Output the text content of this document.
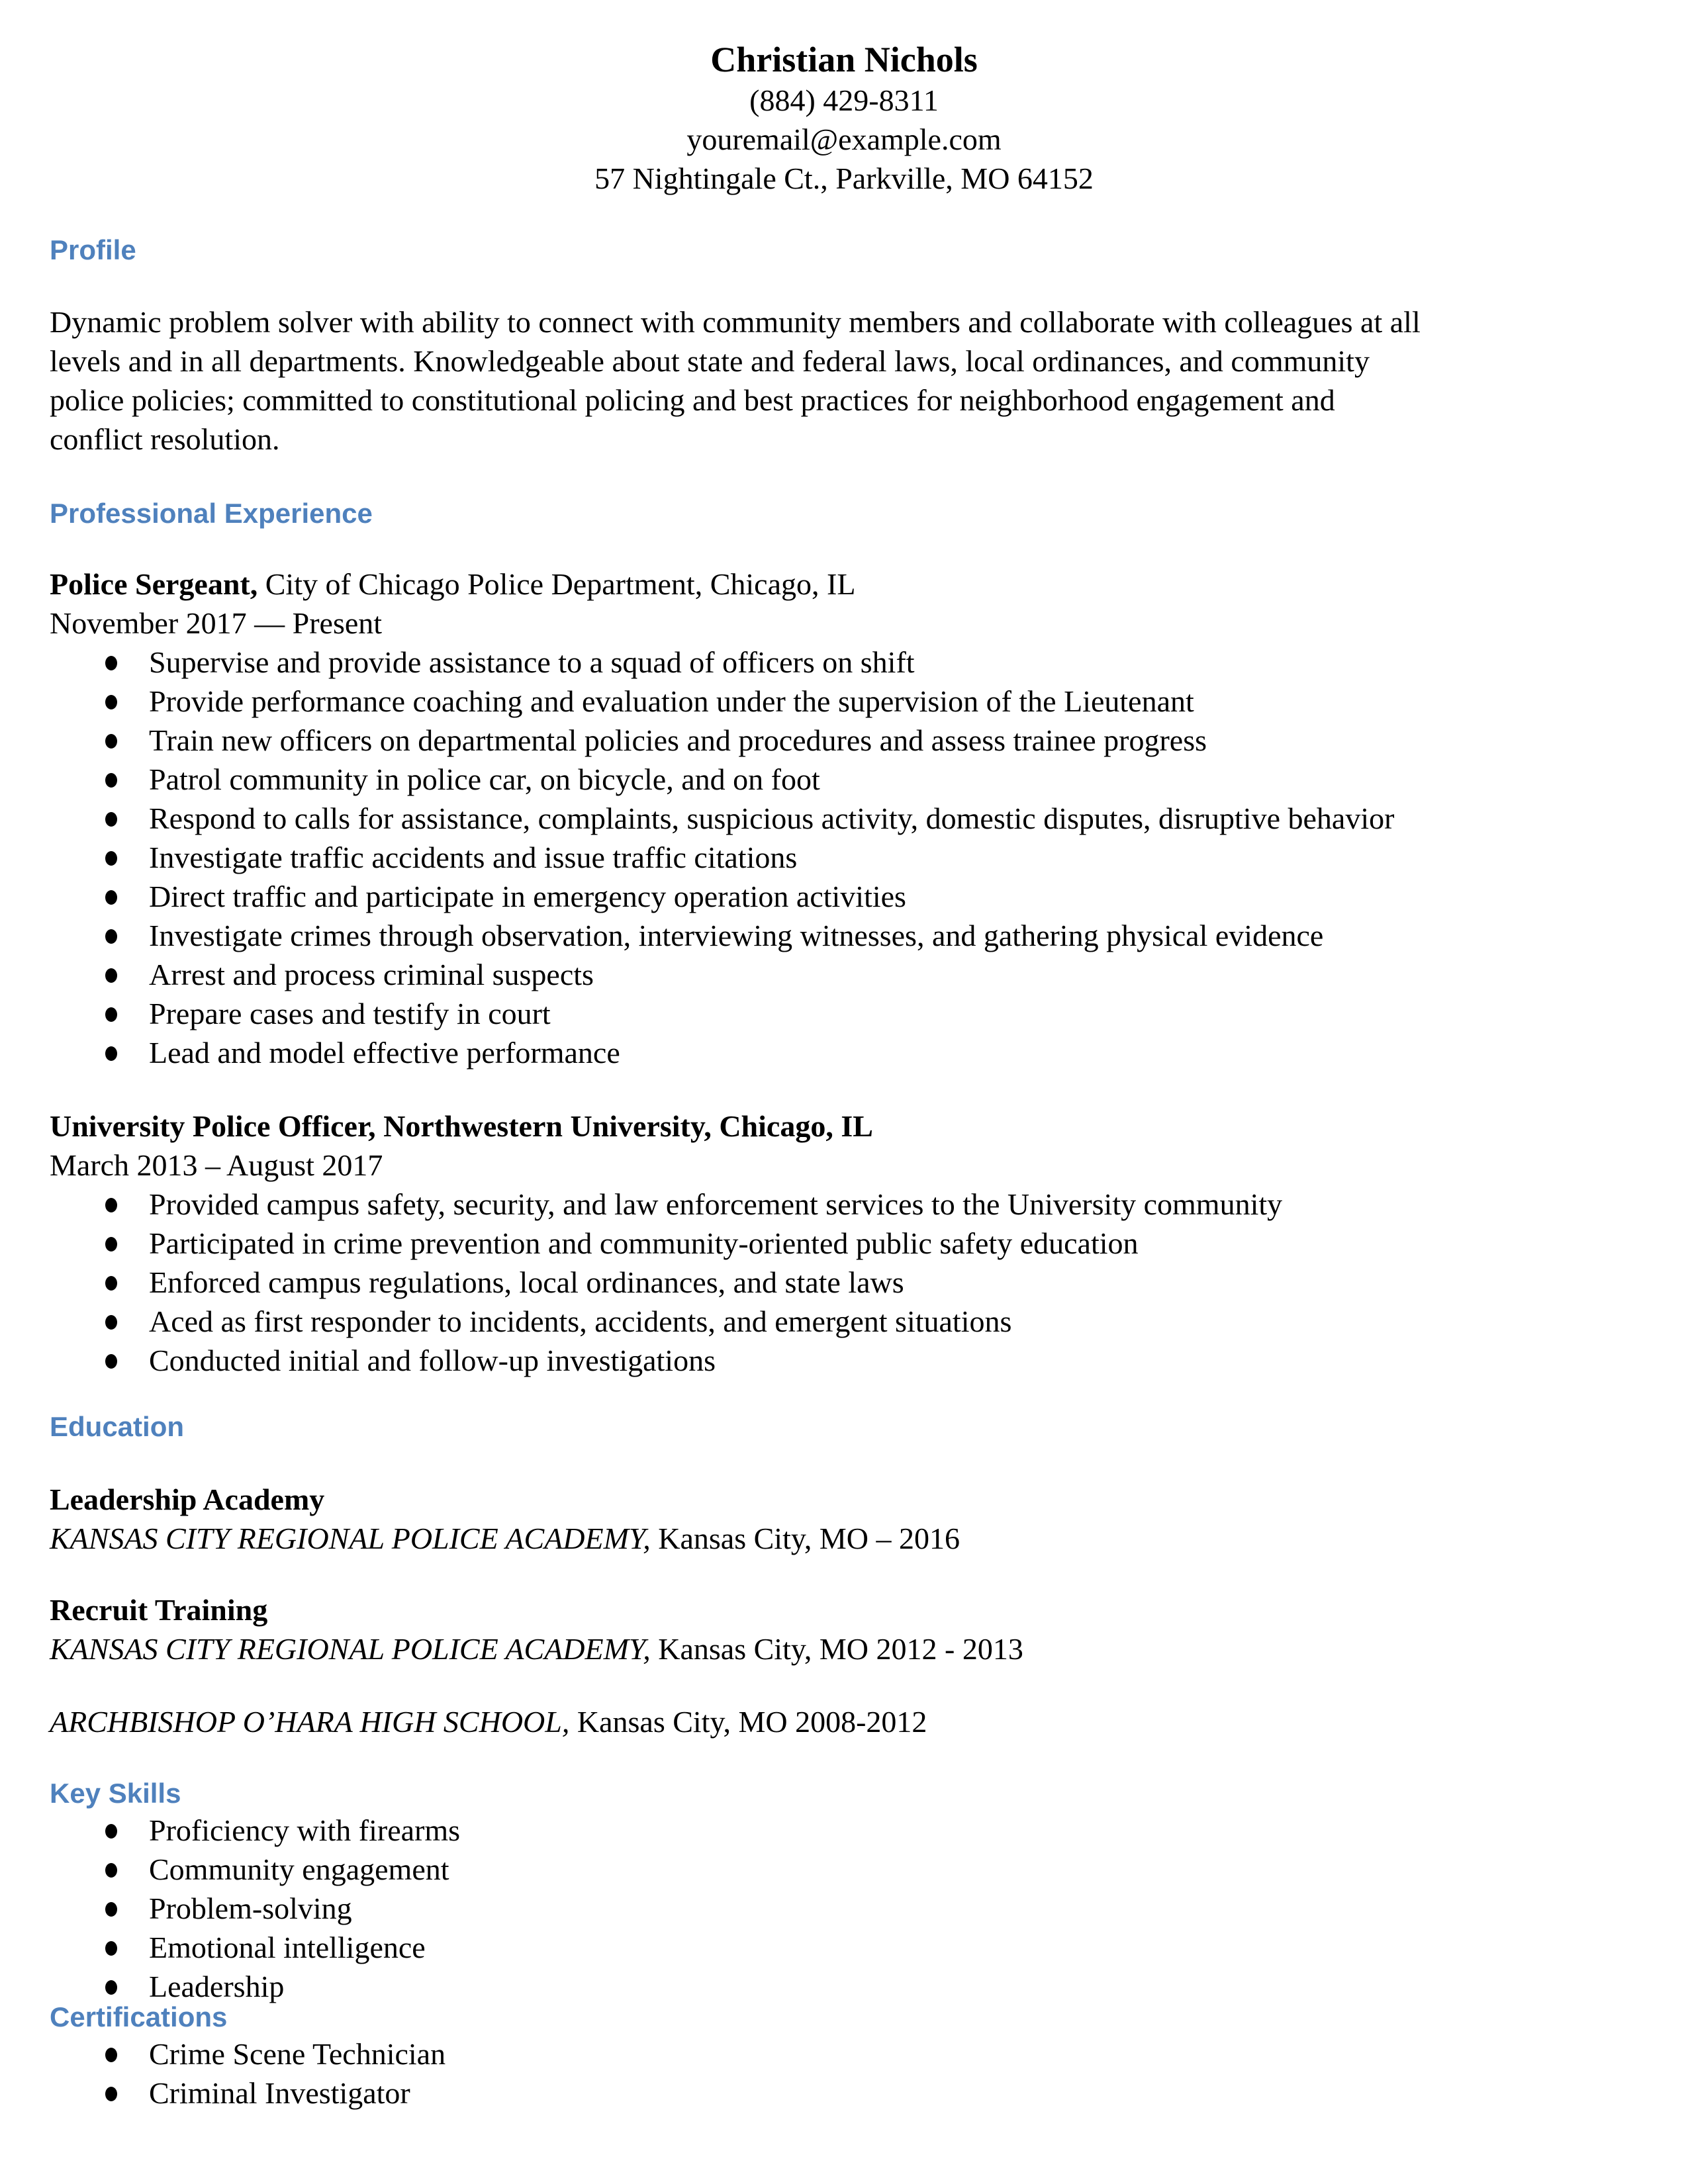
Christian Nichols
(884) 429-8311
youremail@example.com
57 Nightingale Ct., Parkville, MO 64152
Profile
Dynamic problem solver with ability to connect with community members and collaborate with colleagues at all
levels and in all departments. Knowledgeable about state and federal laws, local ordinances, and community
police policies; committed to constitutional policing and best practices for neighborhood engagement and
conflict resolution.
Professional Experience
Police Sergeant, City of Chicago Police Department, Chicago, IL
November 2017 — Present
Supervise and provide assistance to a squad of officers on shift
Provide performance coaching and evaluation under the supervision of the Lieutenant
Train new officers on departmental policies and procedures and assess trainee progress
Patrol community in police car, on bicycle, and on foot
Respond to calls for assistance, complaints, suspicious activity, domestic disputes, disruptive behavior
Investigate traffic accidents and issue traffic citations
Direct traffic and participate in emergency operation activities
Investigate crimes through observation, interviewing witnesses, and gathering physical evidence
Arrest and process criminal suspects
Prepare cases and testify in court
Lead and model effective performance
University Police Officer, Northwestern University, Chicago, IL
March 2013 – August 2017
Provided campus safety, security, and law enforcement services to the University community
Participated in crime prevention and community-oriented public safety education
Enforced campus regulations, local ordinances, and state laws
Aced as first responder to incidents, accidents, and emergent situations
Conducted initial and follow-up investigations
Education
Leadership Academy
KANSAS CITY REGIONAL POLICE ACADEMY, Kansas City, MO – 2016
Recruit Training
KANSAS CITY REGIONAL POLICE ACADEMY, Kansas City, MO 2012 - 2013
ARCHBISHOP O’HARA HIGH SCHOOL, Kansas City, MO 2008-2012
Key Skills
Proficiency with firearms
Community engagement
Problem-solving
Emotional intelligence
Leadership
Certifications
Crime Scene Technician
Criminal Investigator
